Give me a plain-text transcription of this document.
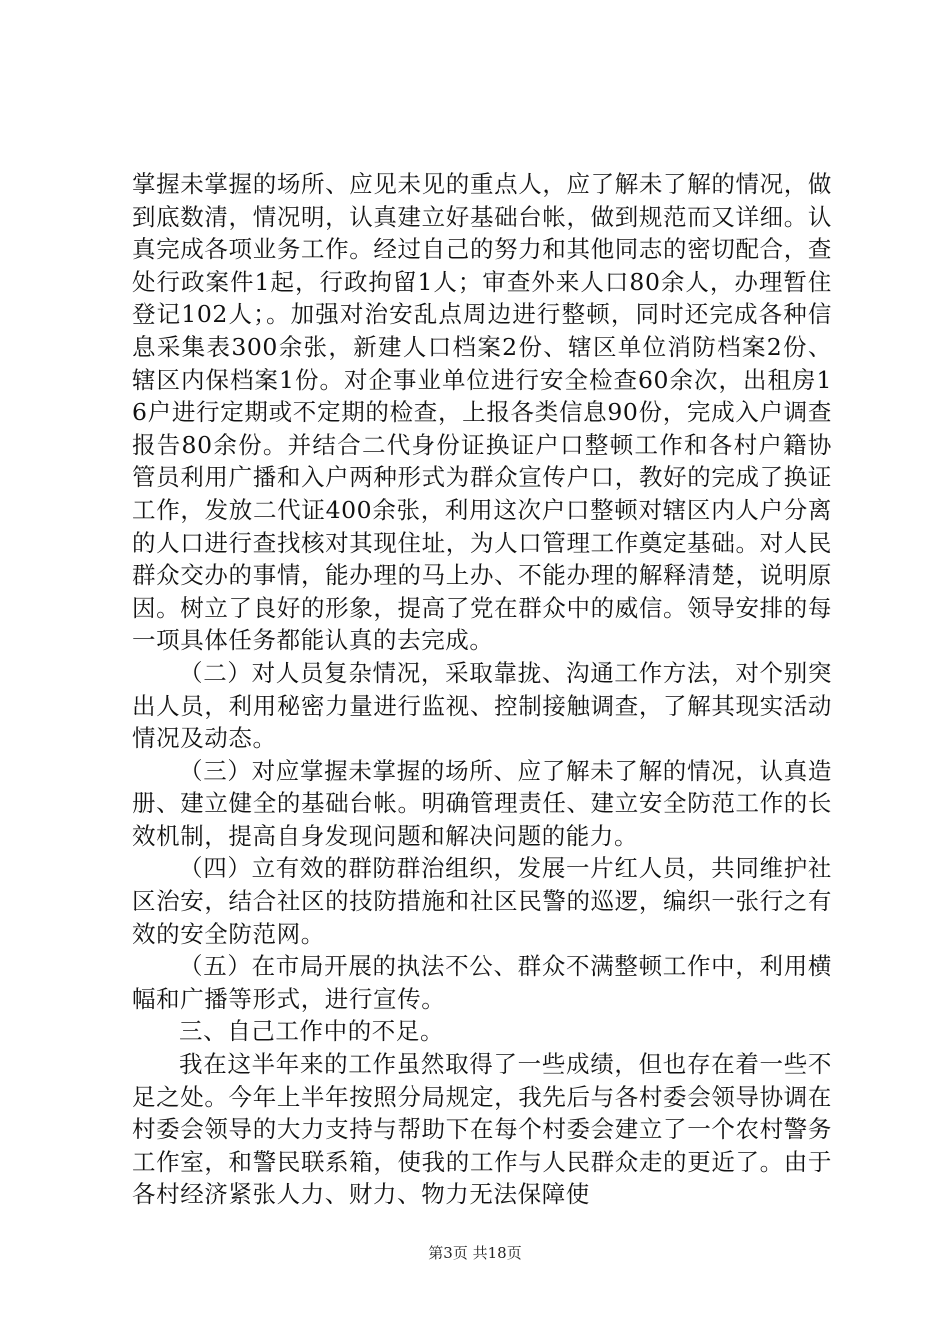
掌握未掌握的场所、应见未见的重点人，应了解未了解的情况，做到底数清，情况明，认真建立好基础台帐，做到规范而又详细。认真完成各项业务工作。经过自己的努力和其他同志的密切配合，查处行政案件1起，行政拘留1人；审查外来人口80余人，办理暂住登记102人；。加强对治安乱点周边进行整顿，同时还完成各种信息采集表300余张，新建人口档案2份、辖区单位消防档案2份、辖区内保档案1份。对企事业单位进行安全检查60余次，出租房16户进行定期或不定期的检查，上报各类信息90份，完成入户调查报告80余份。并结合二代身份证换证户口整顿工作和各村户籍协管员利用广播和入户两种形式为群众宣传户口，教好的完成了换证工作，发放二代证400余张，利用这次户口整顿对辖区内人户分离的人口进行查找核对其现住址，为人口管理工作奠定基础。对人民群众交办的事情，能办理的马上办、不能办理的解释清楚，说明原因。树立了良好的形象，提高了党在群众中的威信。领导安排的每一项具体任务都能认真的去完成。

（二）对人员复杂情况，采取靠拢、沟通工作方法，对个别突出人员，利用秘密力量进行监视、控制接触调查，了解其现实活动情况及动态。

（三）对应掌握未掌握的场所、应了解未了解的情况，认真造册、建立健全的基础台帐。明确管理责任、建立安全防范工作的长效机制，提高自身发现问题和解决问题的能力。

（四）立有效的群防群治组织，发展一片红人员，共同维护社区治安，结合社区的技防措施和社区民警的巡逻，编织一张行之有效的安全防范网。

（五）在市局开展的执法不公、群众不满整顿工作中，利用横幅和广播等形式，进行宣传。

三、自己工作中的不足。

我在这半年来的工作虽然取得了一些成绩，但也存在着一些不足之处。今年上半年按照分局规定，我先后与各村委会领导协调在村委会领导的大力支持与帮助下在每个村委会建立了一个农村警务工作室，和警民联系箱，使我的工作与人民群众走的更近了。由于各村经济紧张人力、财力、物力无法保障使

第3页 共18页
